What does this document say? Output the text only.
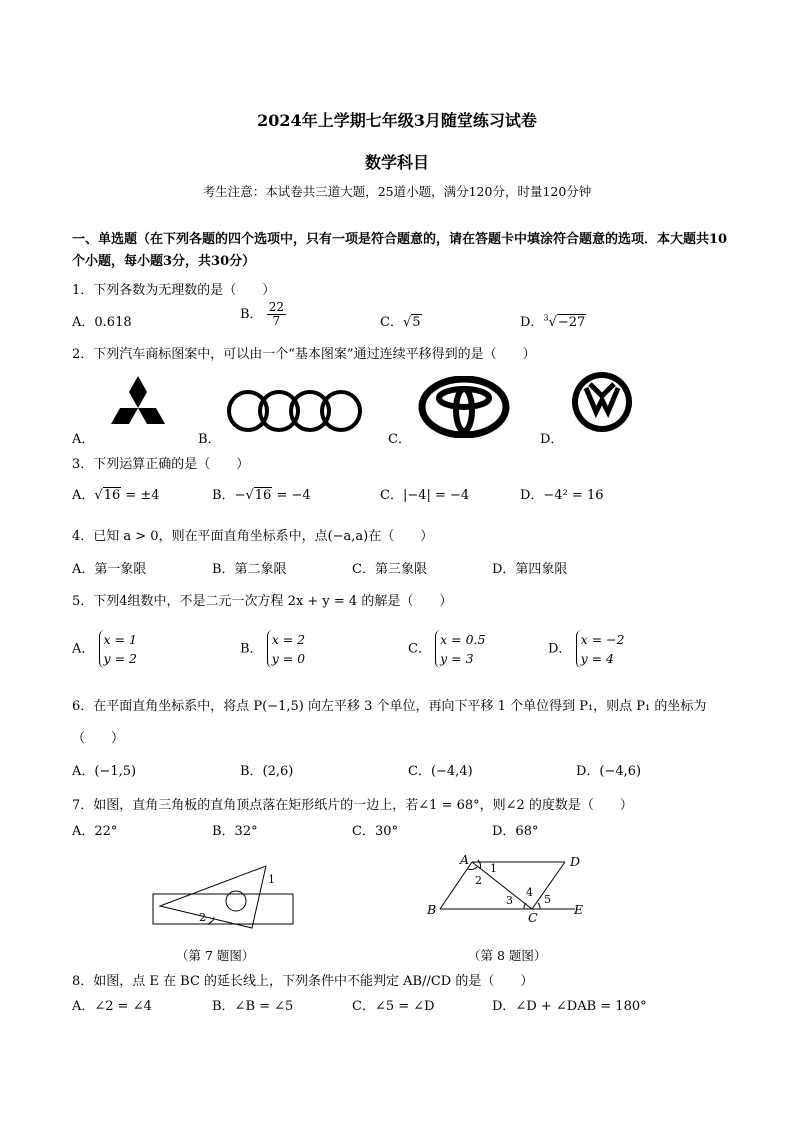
2024年上学期七年级3月随堂练习试卷
数学科目
考生注意：本试卷共三道大题，25道小题，满分120分，时量120分钟
一、单选题（在下列各题的四个选项中，只有一项是符合题意的，请在答题卡中填涂符合题意的选项．本大题共10个小题，每小题3分，共30分）
1．下列各数为无理数的是（　　）
A．0.618
B． $\frac{22}{7}$	C．√5	D．$^3$√−27
2．下列汽车商标图案中，可以由一个“基本图案”通过连续平移得到的是（　　）
A．	B．	C．	D．
3．下列运算正确的是（　　）
A．√16 = ±4	B．−√16 = −4	C．|−4| = −4	D．−4² = 16
4．已知 a > 0，则在平面直角坐标系中，点(−a,a)在（　　）
A．第一象限	B．第二象限	C．第三象限	D．第四象限
5．下列4组数中，不是二元一次方程 2x + y = 4 的解是（　　）
A． x = 1
y = 2
B． x = 2
y = 0
C． x = 0.5
y = 3
D． x = −2
y = 4
6．在平面直角坐标系中，将点 P(−1,5) 向左平移 3 个单位，再向下平移 1 个单位得到 P₁，则点 P₁ 的坐标为
（　　）
A．(−1,5)	B．(2,6)	C．(−4,4)	D．(−4,6)
7．如图，直角三角板的直角顶点落在矩形纸片的一边上，若∠1 = 68°，则∠2 的度数是（　　）
A．22°	B．32°	C．30°	D．68°
1
2
（第 7 题图）
A	D
B
C
E
1
2
3
4
5
（第 8 题图）
8．如图，点 E 在 BC 的延长线上，下列条件中不能判定 AB//CD 的是（　　）
A．∠2 = ∠4	B．∠B = ∠5	C．∠5 = ∠D	D．∠D + ∠DAB = 180°
